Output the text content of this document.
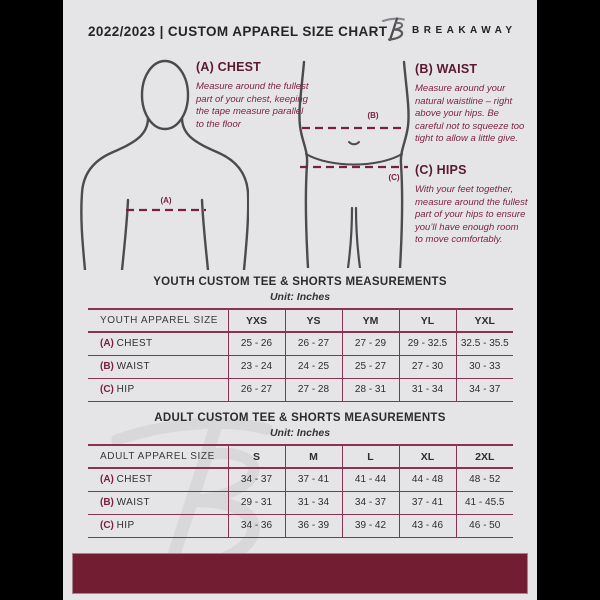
2022/2023 | CUSTOM APPAREL SIZE CHART BREAKAWAY
(A)
(B)
(C)
(A) CHEST
Measure around the fullest part of your chest, keeping the tape measure parallel to the floor
(B) WAIST
Measure around your natural waistline – right above your hips. Be careful not to squeeze too tight to allow a little give.
(C) HIPS
With your feet together, measure around the fullest part of your hips to ensure you’ll have enough room to move comfortably.
YOUTH CUSTOM TEE & SHORTS MEASUREMENTS
Unit: Inches
YOUTH APPAREL SIZE	YXS	YS	YM	YL	YXL
(A) CHEST	25 - 26	26 - 27	27 - 29	29 - 32.5	32.5 - 35.5
(B) WAIST	23 - 24	24 - 25	25 - 27	27 - 30	30 - 33
(C) HIP	26 - 27	27 - 28	28 - 31	31 - 34	34 - 37
ADULT CUSTOM TEE & SHORTS MEASUREMENTS
Unit: Inches
ADULT APPAREL SIZE	S	M	L	XL	2XL
(A) CHEST	34 - 37	37 - 41	41 - 44	44 - 48	48 - 52
(B) WAIST	29 - 31	31 - 34	34 - 37	37 - 41	41 - 45.5
(C) HIP	34 - 36	36 - 39	39 - 42	43 - 46	46 - 50
